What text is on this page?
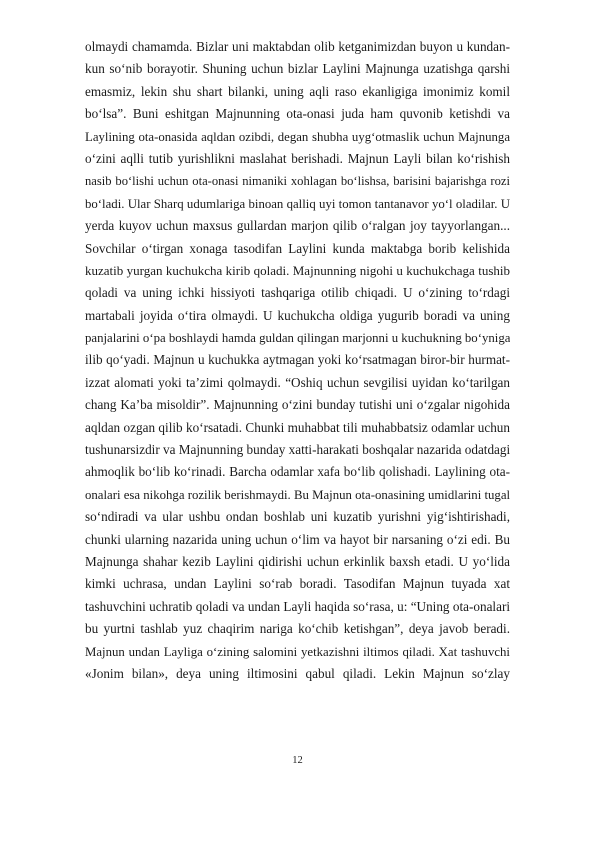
olmaydi chamamda. Bizlar uni maktabdan olib ketganimizdan buyon u kundan-
kun so‘nib borayotir. Shuning uchun bizlar Laylini Majnunga uzatishga qarshi
emasmiz, lekin shu shart bilanki, uning aqli raso ekanligiga imonimiz komil
bo‘lsa”. Buni eshitgan Majnunning ota-onasi juda ham quvonib ketishdi va
Laylining ota-onasida aqldan ozibdi, degan shubha uyg‘otmaslik uchun Majnunga
o‘zini aqlli tutib yurishlikni maslahat berishadi. Majnun Layli bilan ko‘rishish
nasib bo‘lishi uchun ota-onasi nimaniki xohlagan bo‘lishsa, barisini bajarishga rozi
bo‘ladi. Ular Sharq udumlariga binoan qalliq uyi tomon tantanavor yo‘l oladilar. U
yerda kuyov uchun maxsus gullardan marjon qilib o‘ralgan joy tayyorlangan...
Sovchilar o‘tirgan xonaga tasodifan Laylini kunda maktabga borib kelishida
kuzatib yurgan kuchukcha kirib qoladi. Majnunning nigohi u kuchukchaga tushib
qoladi va uning ichki hissiyoti tashqariga otilib chiqadi. U o‘zining to‘rdagi
martabali joyida o‘tira olmaydi. U kuchukcha oldiga yugurib boradi va uning
panjalarini o‘pa boshlaydi hamda guldan qilingan marjonni u kuchukning bo‘yniga
ilib qo‘yadi. Majnun u kuchukka aytmagan yoki ko‘rsatmagan biror-bir hurmat-
izzat alomati yoki ta’zimi qolmaydi. “Oshiq uchun sevgilisi uyidan ko‘tarilgan
chang Ka’ba misoldir”. Majnunning o‘zini bunday tutishi uni o‘zgalar nigohida
aqldan ozgan qilib ko‘rsatadi. Chunki muhabbat tili muhabbatsiz odamlar uchun
tushunarsizdir va Majnunning bunday xatti-harakati boshqalar nazarida odatdagi
ahmoqlik bo‘lib ko‘rinadi. Barcha odamlar xafa bo‘lib qolishadi. Laylining ota-
onalari esa nikohga rozilik berishmaydi. Bu Majnun ota-onasining umidlarini tugal
so‘ndiradi va ular ushbu ondan boshlab uni kuzatib yurishni yig‘ishtirishadi,
chunki ularning nazarida uning uchun o‘lim va hayot bir narsaning o‘zi edi. Bu
Majnunga shahar kezib Laylini qidirishi uchun erkinlik baxsh etadi. U yo‘lida
kimki uchrasa, undan Laylini so‘rab boradi. Tasodifan Majnun tuyada xat
tashuvchini uchratib qoladi va undan Layli haqida so‘rasa, u: “Uning ota-onalari
bu yurtni tashlab yuz chaqirim nariga ko‘chib ketishgan”, deya javob beradi.
Majnun undan Layliga o‘zining salomini yetkazishni iltimos qiladi. Xat tashuvchi
«Jonim bilan», deya uning iltimosini qabul qiladi. Lekin Majnun so‘zlay
12
